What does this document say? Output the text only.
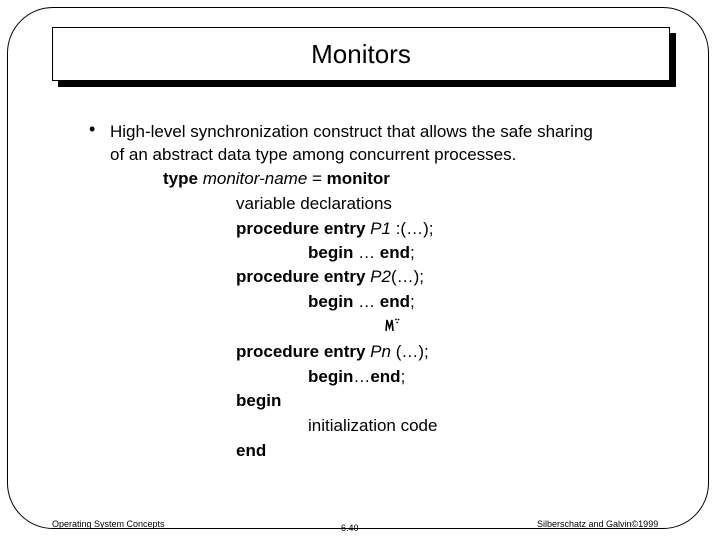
Monitors
• High-level synchronization construct that allows the safe sharing
of an abstract data type among concurrent processes.
type monitor-name = monitor
variable declarations
procedure entry P1 :(…);
begin … end;
procedure entry P2(…);
begin … end;
procedure entry Pn (…);
begin…end;
begin
initialization code
end
Operating System Concepts	6.40	Silberschatz and Galvin©1999
